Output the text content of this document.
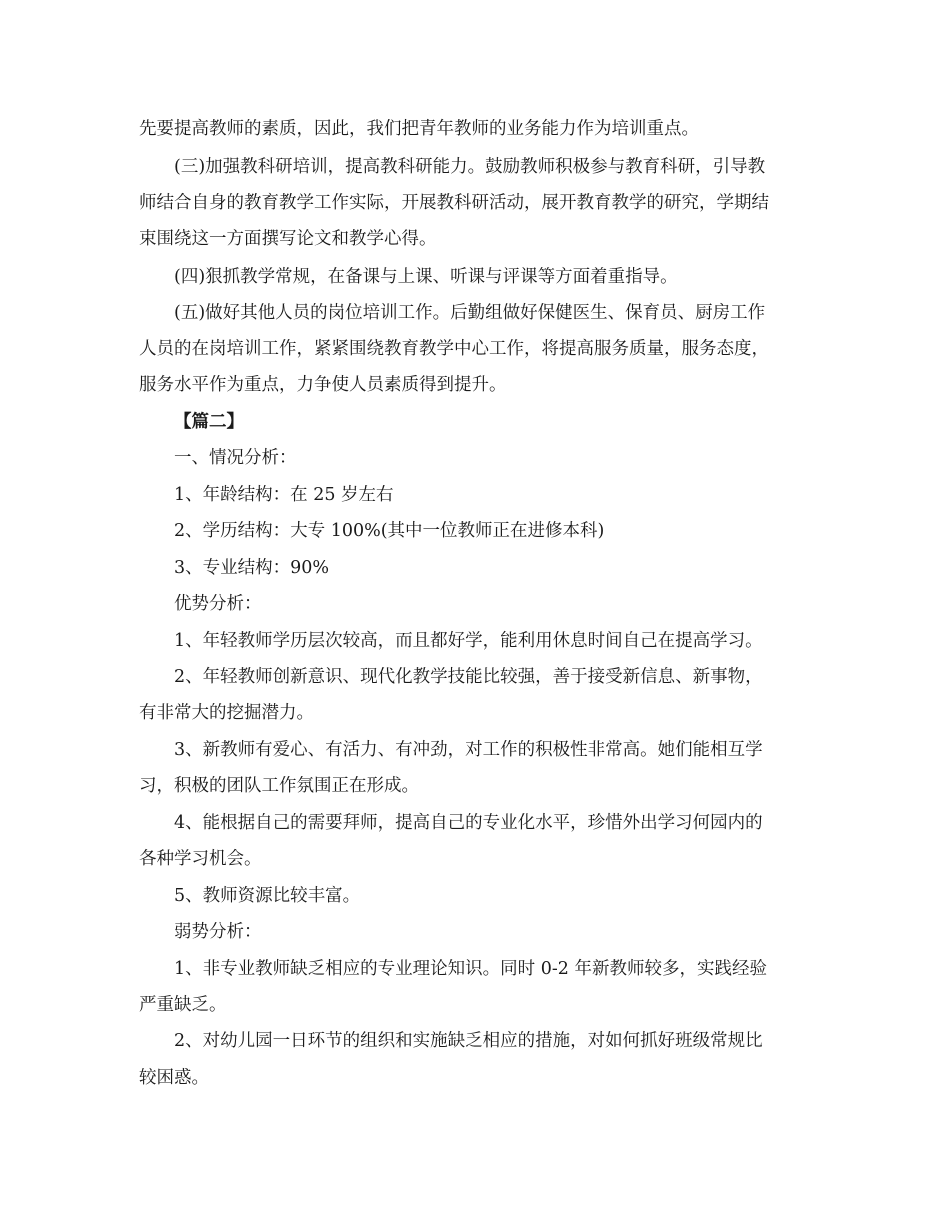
先要提高教师的素质，因此，我们把青年教师的业务能力作为培训重点。
(三)加强教科研培训，提高教科研能力。鼓励教师积极参与教育科研，引导教
师结合自身的教育教学工作实际，开展教科研活动，展开教育教学的研究，学期结
束围绕这一方面撰写论文和教学心得。
(四)狠抓教学常规，在备课与上课、听课与评课等方面着重指导。
(五)做好其他人员的岗位培训工作。后勤组做好保健医生、保育员、厨房工作
人员的在岗培训工作，紧紧围绕教育教学中心工作，将提高服务质量，服务态度，
服务水平作为重点，力争使人员素质得到提升。
【篇二】
一、情况分析：
1、年龄结构：在 25 岁左右
2、学历结构：大专 100%(其中一位教师正在进修本科)
3、专业结构：90%
优势分析：
1、年轻教师学历层次较高，而且都好学，能利用休息时间自己在提高学习。
2、年轻教师创新意识、现代化教学技能比较强，善于接受新信息、新事物，
有非常大的挖掘潜力。
3、新教师有爱心、有活力、有冲劲，对工作的积极性非常高。她们能相互学
习，积极的团队工作氛围正在形成。
4、能根据自己的需要拜师，提高自己的专业化水平，珍惜外出学习何园内的
各种学习机会。
5、教师资源比较丰富。
弱势分析：
1、非专业教师缺乏相应的专业理论知识。同时 0-2 年新教师较多，实践经验
严重缺乏。
2、对幼儿园一日环节的组织和实施缺乏相应的措施，对如何抓好班级常规比
较困惑。
